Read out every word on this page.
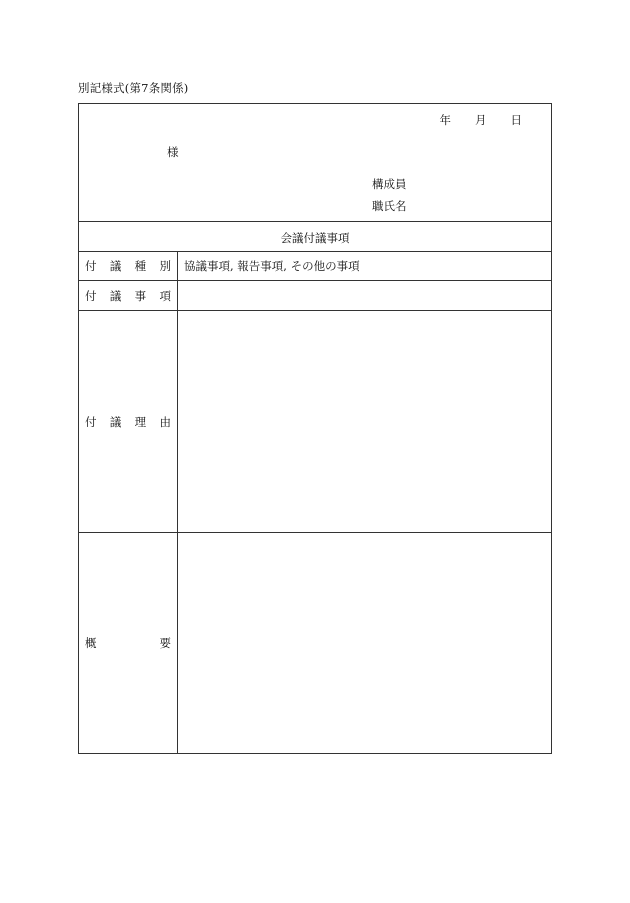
別記様式(第7条関係)
年 月 日
様
構成員
職氏名
会議付議事項
付 議 種 別 協議事項, 報告事項, その他の事項
付 議 事 項
付 議 理 由
概	要
